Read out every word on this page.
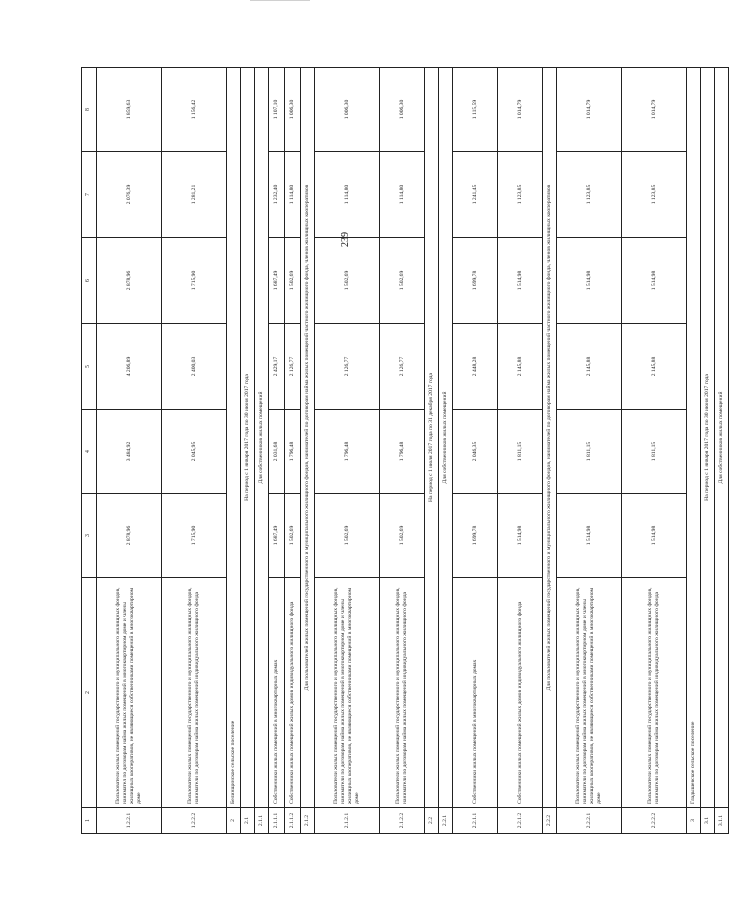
239
1	2	3	4	5	6	7	8
1.2.2.1	Пользователи жилых помещений государственного и муниципального жилищных фондов, нанимател по договорам найма жилых помещений в многоквартирном доме и члены жилищных кооперативов, не являющиеся собственниками помещений в многоквартирном доме	2 878,96	3 484,92	4 206,89	2 878,96	2 076,39	1 859,63
1.2.2.2	Пользователи жилых помещений государственного и муниципального жилищных фондов, наниматели по договорам найма жилых помещений индивидуального жилищного фонда	1 715,90	2 045,95	2 400,03	1 715,90	1 281,21	1 156,42
2	Белинщинское сельское поселение						
2.1	На период с 1 января 2017 года по 30 июня 2017 года						
2.1.1	Для собственников жилых помещений						
2.1.1.1	Собственники жилых помещений в многоквартирных домах	1 687,49	2 031,68	2 429,17	1 687,49	1 232,40	1 107,10
2.1.1.2	Собственники жилых помещений жилых домов индивидуального жилищного фонда	1 502,69	1 796,48	2 126,77	1 502,69	1 114,80	1 006,30
2.1.2	Для пользователей жилых помещений государственного и муниципального жилищного фондов, нанимателей по договорам найма жилых помещений частного жилищного фонда, членов жилищных кооперативов						
2.1.2.1	Пользователи жилых помещений государственного и муниципального жилищных фондов, наниматели по договорам найма жилых помещений в многоквартирном доме и члены жилищных кооперативов, не являющиеся собственниками помещений в многоквартирном доме	1 502,69	1 796,48	2 126,77	1 502,69	1 114,80	1 006,30
2.1.2.2	Пользователи жилых помещений государственного и муниципального жилищных фондов, наниматели по договорам найма жилых помещений индивидуального жилищного фонда	1 502,69	1 796,48	2 126,77	1 502,69	1 114,80	1 006,30
2.2	На период с 1 июля 2017 года по 31 декабря 2017 года						
2.2.1	Для собственников жилых помещений						
2.2.1.1	Собственники жилых помещений в многоквартирных домах	1 699,78	2 046,35	2 448,28	1 699,78	1 241,45	1 115,59
2.2.1.2	Собственники жилых помещений жилых домов индивидуального жилищного фонда	1 514,98	1 811,15	2 145,88	1 514,98	1 123,85	1 014,79
2.2.2	Для пользователей жилых помещений государственного и муниципального жилищного фондов, нанимателей по договорам найма жилых помещений частного жилищного фонда, членов жилищных кооперативов						
2.2.2.1	Пользователи жилых помещений государственного и муниципального жилищных фондов, наниматели по договорам найма жилых помещений в многоквартирном доме и члены жилищных кооперативов, не являющиеся собственниками помещений в многоквартирном доме	1 514,98	1 811,15	2 145,88	1 514,98	1 123,85	1 014,79
2.2.2.2	Пользователи жилых помещений государственного и муниципального жилищных фондов, наниматели по договорам найма жилых помещений индивидуального жилищного фонда	1 514,98	1 811,15	2 145,88	1 514,98	1 123,85	1 014,79
3	Гладышевское сельское поселение						
3.1	На период с 1 января 2017 года по 30 июня 2017 года						
3.1.1	Для собственников жилых помещений						
